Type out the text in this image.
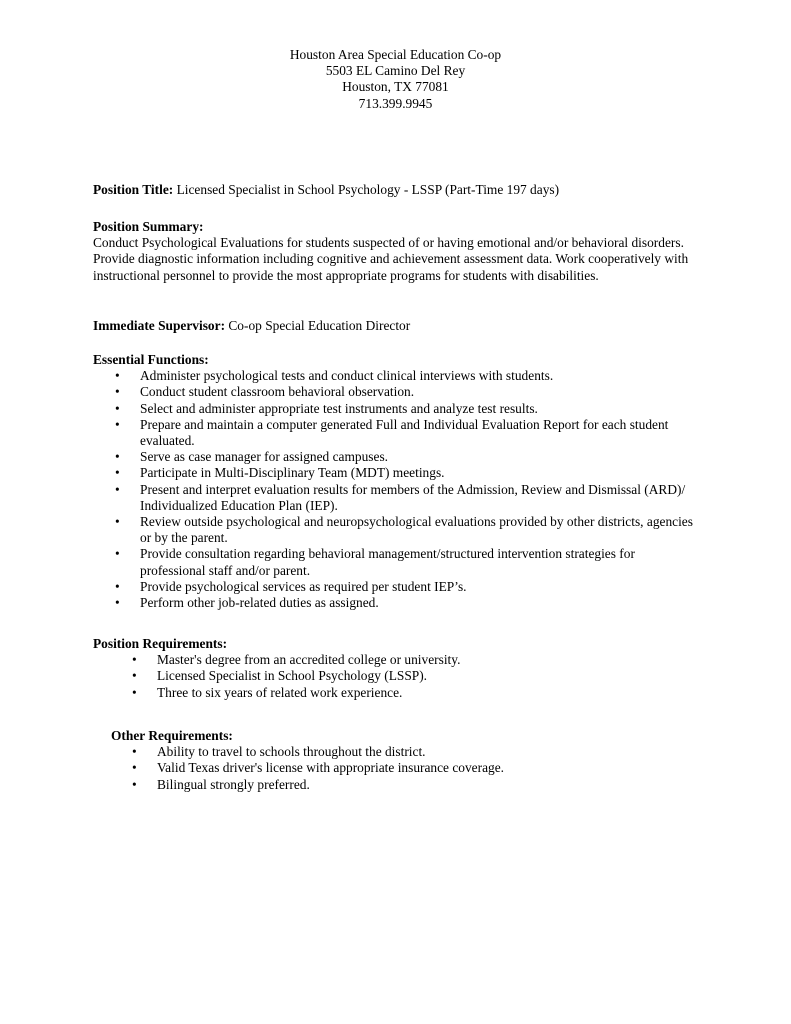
Houston Area Special Education Co-op
5503 EL Camino Del Rey
Houston, TX 77081
713.399.9945
Position Title: Licensed Specialist in School Psychology - LSSP (Part-Time 197 days)
Position Summary:
Conduct Psychological Evaluations for students suspected of or having emotional and/or behavioral disorders. Provide diagnostic information including cognitive and achievement assessment data. Work cooperatively with instructional personnel to provide the most appropriate programs for students with disabilities.
Immediate Supervisor: Co-op Special Education Director
Essential Functions:
• Administer psychological tests and conduct clinical interviews with students.
• Conduct student classroom behavioral observation.
• Select and administer appropriate test instruments and analyze test results.
• Prepare and maintain a computer generated Full and Individual Evaluation Report for each student evaluated.
• Serve as case manager for assigned campuses.
• Participate in Multi-Disciplinary Team (MDT) meetings.
• Present and interpret evaluation results for members of the Admission, Review and Dismissal (ARD)/ Individualized Education Plan (IEP).
• Review outside psychological and neuropsychological evaluations provided by other districts, agencies or by the parent.
• Provide consultation regarding behavioral management/structured intervention strategies for professional staff and/or parent.
• Provide psychological services as required per student IEP’s.
• Perform other job-related duties as assigned.
Position Requirements:
• Master's degree from an accredited college or university.
• Licensed Specialist in School Psychology (LSSP).
• Three to six years of related work experience.
Other Requirements:
• Ability to travel to schools throughout the district.
• Valid Texas driver's license with appropriate insurance coverage.
• Bilingual strongly preferred.
